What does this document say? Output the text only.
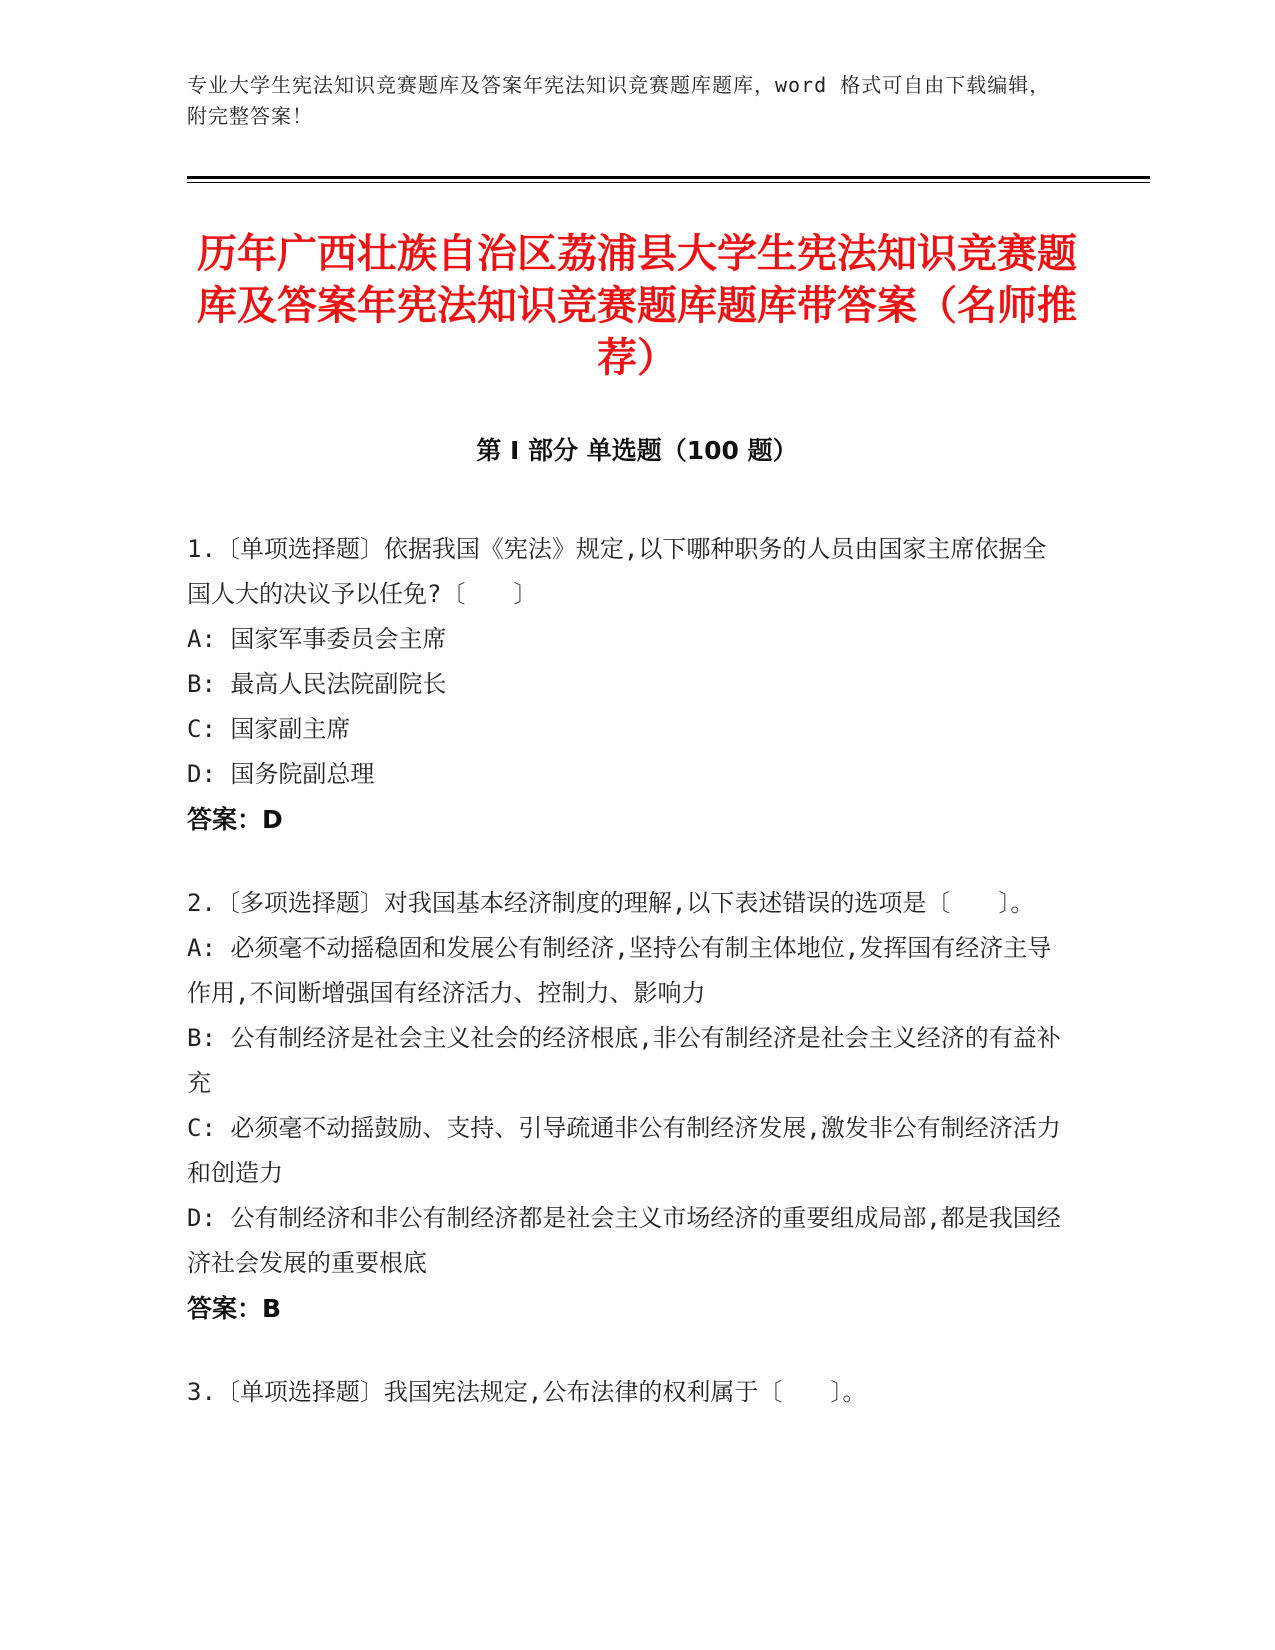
专业大学生宪法知识竞赛题库及答案年宪法知识竞赛题库题库，word 格式可自由下载编辑，附完整答案！
历年广西壮族自治区荔浦县大学生宪法知识竞赛题库及答案年宪法知识竞赛题库题库带答案（名师推荐）
第 I 部分 单选题（100 题）

1.〔单项选择题〕依据我国《宪法》规定,以下哪种职务的人员由国家主席依据全国人大的决议予以任免?〔　　〕

A: 国家军事委员会主席

B: 最高人民法院副院长

C: 国家副主席

D: 国务院副总理

答案：D

2.〔多项选择题〕对我国基本经济制度的理解,以下表述错误的选项是〔　　〕。

A: 必须毫不动摇稳固和发展公有制经济,坚持公有制主体地位,发挥国有经济主导作用,不间断增强国有经济活力、控制力、影响力

B: 公有制经济是社会主义社会的经济根底,非公有制经济是社会主义经济的有益补充

C: 必须毫不动摇鼓励、支持、引导疏通非公有制经济发展,激发非公有制经济活力和创造力

D: 公有制经济和非公有制经济都是社会主义市场经济的重要组成局部,都是我国经济社会发展的重要根底

答案：B

3.〔单项选择题〕我国宪法规定,公布法律的权利属于〔　　〕。
